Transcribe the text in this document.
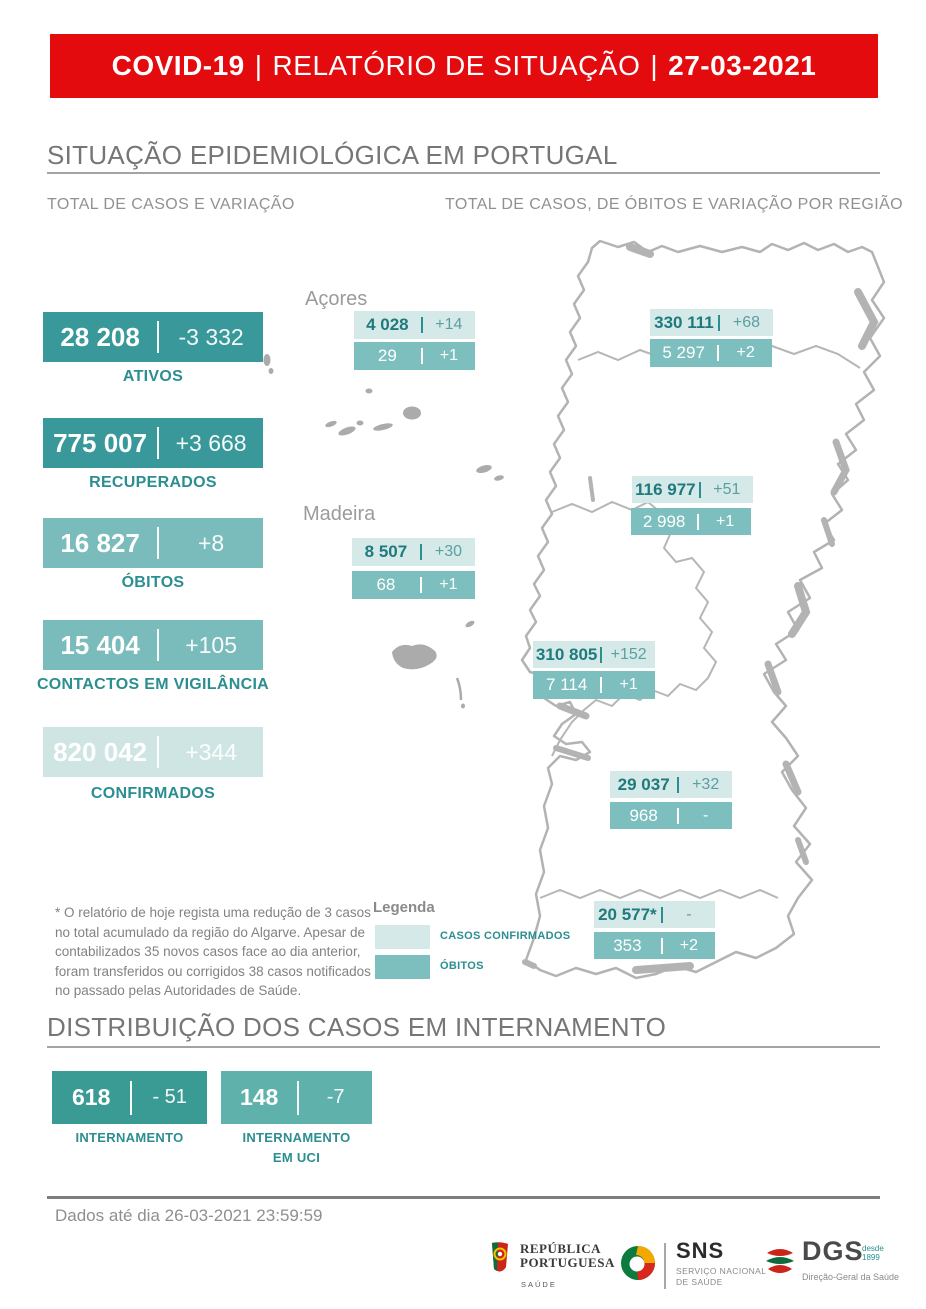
COVID-19 | RELATÓRIO DE SITUAÇÃO | 27-03-2021
SITUAÇÃO EPIDEMIOLÓGICA EM PORTUGAL
TOTAL DE CASOS E VARIAÇÃO	TOTAL DE CASOS, DE ÓBITOS E VARIAÇÃO POR REGIÃO
28 208	-3 332
ATIVOS
775 007	+3 668
RECUPERADOS
16 827	+8
ÓBITOS
15 404	+105
CONTACTOS EM VIGILÂNCIA
820 042	+344
CONFIRMADOS
Açores
Madeira
4 028	+14
29	+1
8 507	+30
68	+1
330 111	+68
5 297	+2
116 977	+51
2 998	+1
310 805 +152
7 114	+1
29 037	+32
968	-
20 577*	-
353	+2
* O relatório de hoje regista uma redução de 3 casos no total acumulado da região do Algarve. Apesar de contabilizados 35 novos casos face ao dia anterior, foram transferidos ou corrigidos 38 casos notificados no passado pelas Autoridades de Saúde.
Legenda
CASOS CONFIRMADOS
ÓBITOS
DISTRIBUIÇÃO DOS CASOS EM INTERNAMENTO
618	- 51
INTERNAMENTO
148	-7
INTERNAMENTO
EM UCI
Dados até dia 26-03-2021 23:59:59
REPÚBLICA
PORTUGUESA
SAÚDE
SNS
SERVIÇO NACIONAL
DE SAÚDE
DGS
desde
1899
Direção-Geral da Saúde
